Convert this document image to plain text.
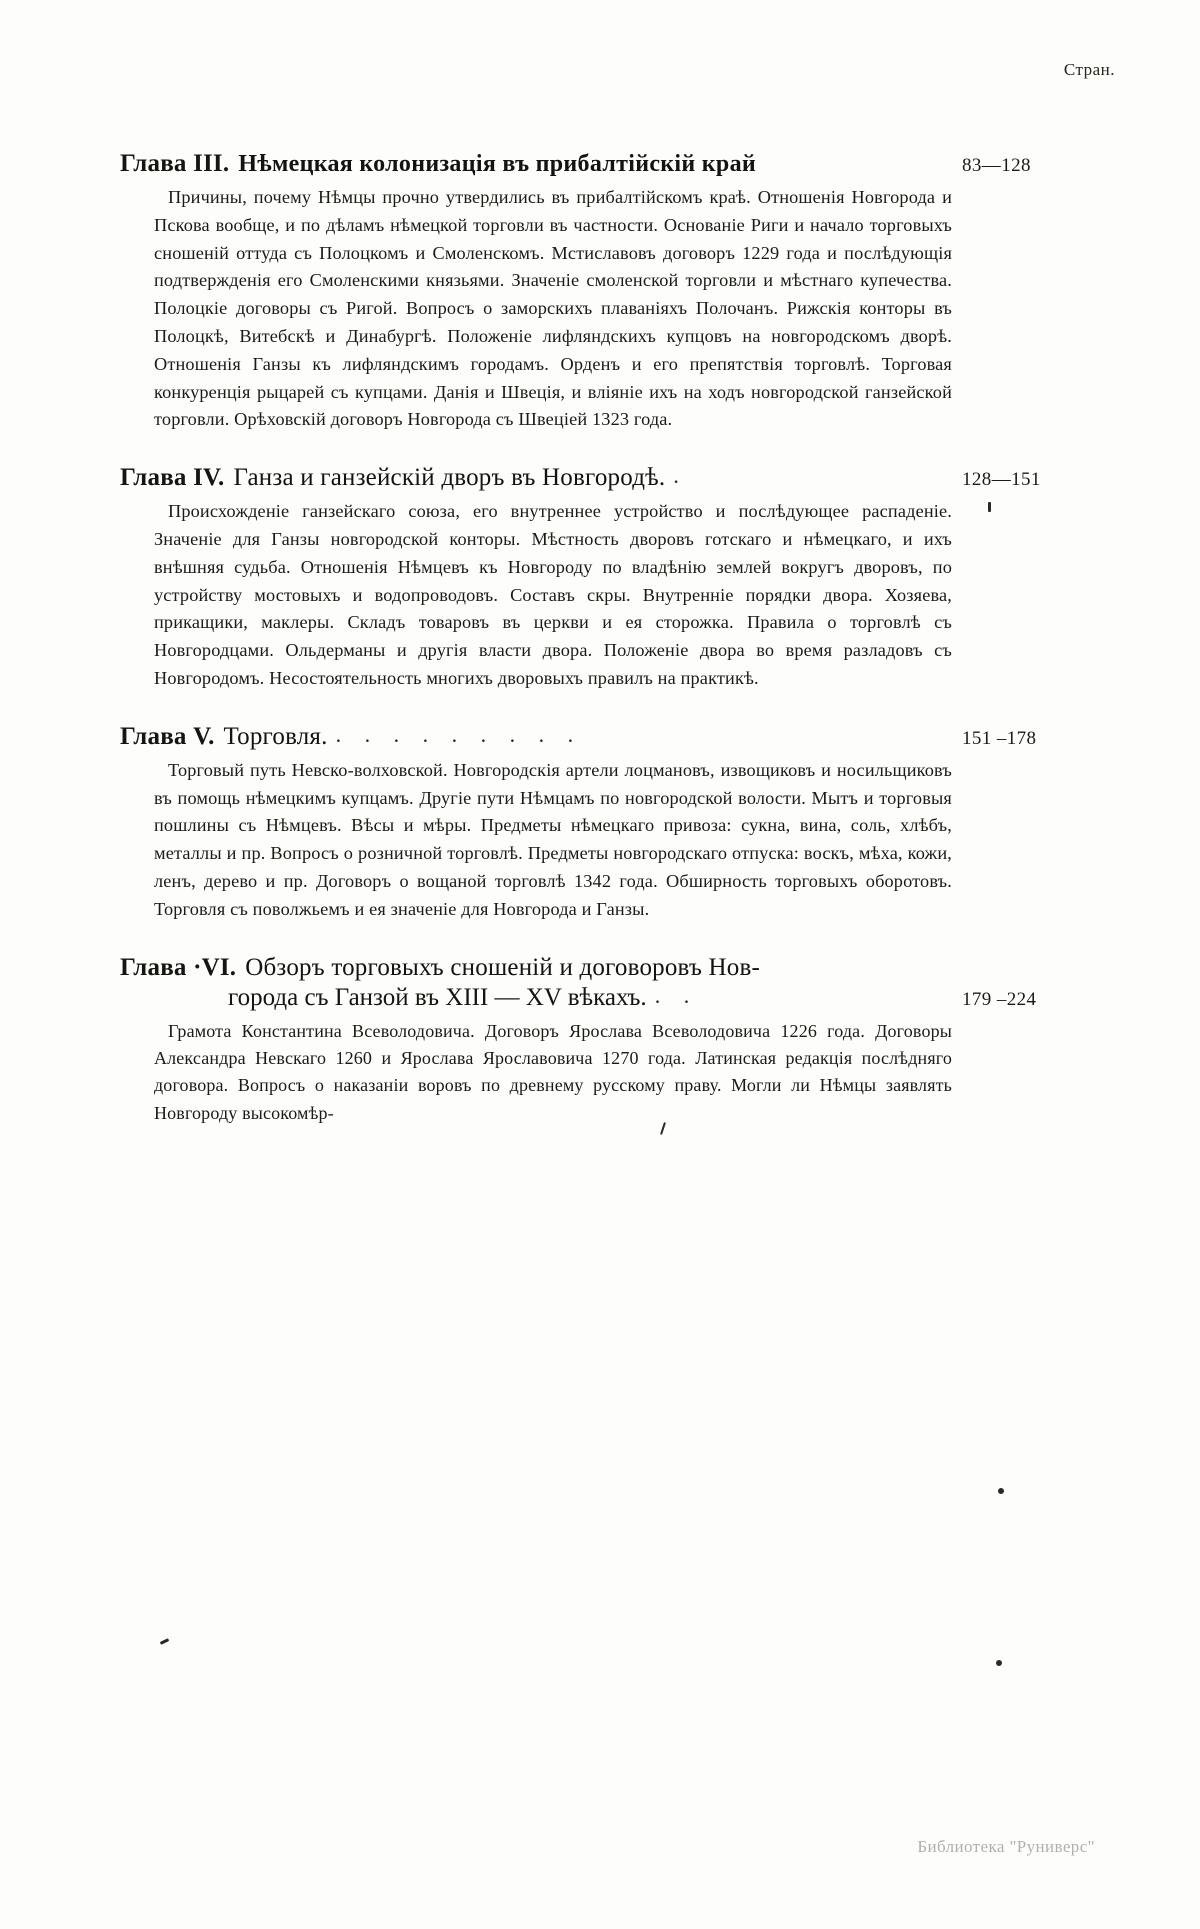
Стран.
Глава III. Нѣмецкая колонизація въ прибалтійскій край	83—128
Причины, почему Нѣмцы прочно утвердились въ прибалтійскомъ краѣ. Отношенія Новгорода и Пскова вообще, и по дѣламъ нѣмецкой торговли въ частности. Основаніе Риги и начало торговыхъ сношеній оттуда съ Полоцкомъ и Смоленскомъ. Мстиславовъ договоръ 1229 года и послѣдующія подтвержденія его Смоленскими князьями. Значеніе смоленской торговли и мѣстнаго купечества. Полоцкіе договоры съ Ригой. Вопросъ о заморскихъ плаваніяхъ Полочанъ. Рижскія конторы въ Полоцкѣ, Витебскѣ и Динабургѣ. Положеніе лифляндскихъ купцовъ на новгородскомъ дворѣ. Отношенія Ганзы къ лифляндскимъ городамъ. Орденъ и его препятствія торговлѣ. Торговая конкуренція рыцарей съ купцами. Данія и Швеція, и вліяніе ихъ на ходъ новгородской ганзейской торговли. Орѣховскій договоръ Новгорода съ Швеціей 1323 года.
Глава IV. Ганза и ганзейскій дворъ въ Новгородѣ. .	128—151
Происхожденіе ганзейскаго союза, его внутреннее устройство и послѣдующее распаденіе. Значеніе для Ганзы новгородской конторы. Мѣстность дворовъ готскаго и нѣмецкаго, и ихъ внѣшняя судьба. Отношенія Нѣмцевъ къ Новгороду по владѣнію землей вокругъ дворовъ, по устройству мостовыхъ и водопроводовъ. Составъ скры. Внутренніе порядки двора. Хозяева, прикащики, маклеры. Складъ товаровъ въ церкви и ея сторожка. Правила о торговлѣ съ Новгородцами. Ольдерманы и другія власти двора. Положеніе двора во время разладовъ съ Новгородомъ. Несостоятельность многихъ дворовыхъ правилъ на практикѣ.
Глава V. Торговля. . . . . . . . . .	151 –178
Торговый путь Невско-волховской. Новгородскія артели лоцмановъ, извощиковъ и носильщиковъ въ помощь нѣмецкимъ купцамъ. Другіе пути Нѣмцамъ по новгородской волости. Мытъ и торговыя пошлины съ Нѣмцевъ. Вѣсы и мѣры. Предметы нѣмецкаго привоза: сукна, вина, соль, хлѣбъ, металлы и пр. Вопросъ о розничной торговлѣ. Предметы новгородскаго отпуска: воскъ, мѣха, кожи, ленъ, дерево и пр. Договоръ о вощаной торговлѣ 1342 года. Обширность торговыхъ оборотовъ. Торговля съ поволжьемъ и ея значеніе для Новгорода и Ганзы.
Глава ·VI. Обзоръ торговыхъ сношеній и договоровъ Нов-
города съ Ганзой въ XIII — XV вѣкахъ. . .	179 –224
Грамота Константина Всеволодовича. Договоръ Ярослава Всеволодовича 1226 года. Договоры Александра Невскаго 1260 и Ярослава Ярославовича 1270 года. Латинская редакція послѣдняго договора. Вопросъ о наказаніи воровъ по древнему русскому праву. Могли ли Нѣмцы заявлять Новгороду высокомѣр-
Библиотека "Руниверс"
